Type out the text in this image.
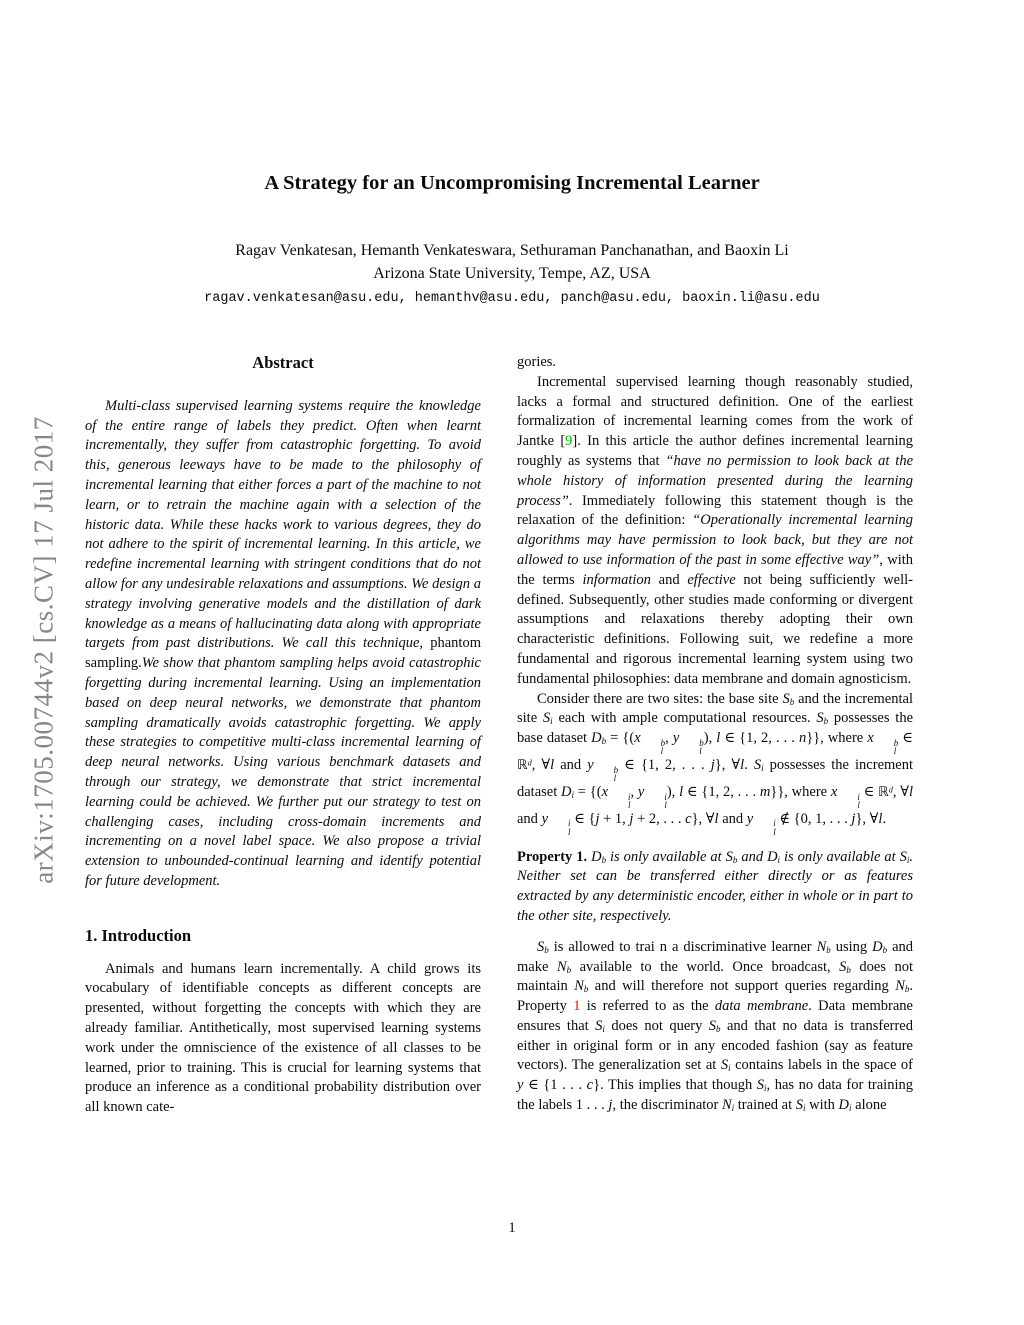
arXiv:1705.00744v2 [cs.CV] 17 Jul 2017
A Strategy for an Uncompromising Incremental Learner
Ragav Venkatesan, Hemanth Venkateswara, Sethuraman Panchanathan, and Baoxin Li
Arizona State University, Tempe, AZ, USA
ragav.venkatesan@asu.edu, hemanthv@asu.edu, panch@asu.edu, baoxin.li@asu.edu
Abstract

Multi-class supervised learning systems require the knowledge of the entire range of labels they predict. Often when learnt incrementally, they suffer from catastrophic forgetting. To avoid this, generous leeways have to be made to the philosophy of incremental learning that either forces a part of the machine to not learn, or to retrain the machine again with a selection of the historic data. While these hacks work to various degrees, they do not adhere to the spirit of incremental learning. In this article, we redefine incremental learning with stringent conditions that do not allow for any undesirable relaxations and assumptions. We design a strategy involving generative models and the distillation of dark knowledge as a means of hallucinating data along with appropriate targets from past distributions. We call this technique, phantom sampling.We show that phantom sampling helps avoid catastrophic forgetting during incremental learning. Using an implementation based on deep neural networks, we demonstrate that phantom sampling dramatically avoids catastrophic forgetting. We apply these strategies to competitive multi-class incremental learning of deep neural networks. Using various benchmark datasets and through our strategy, we demonstrate that strict incremental learning could be achieved. We further put our strategy to test on challenging cases, including cross-domain increments and incrementing on a novel label space. We also propose a trivial extension to unbounded-continual learning and identify potential for future development.

1. Introduction

Animals and humans learn incrementally. A child grows its vocabulary of identifiable concepts as different concepts are presented, without forgetting the concepts with which they are already familiar. Antithetically, most supervised learning systems work under the omniscience of the existence of all classes to be learned, prior to training. This is crucial for learning systems that produce an inference as a conditional probability distribution over all known cate-

gories.

Incremental supervised learning though reasonably studied, lacks a formal and structured definition. One of the earliest formalization of incremental learning comes from the work of Jantke [9]. In this article the author defines incremental learning roughly as systems that “have no permission to look back at the whole history of information presented during the learning process”. Immediately following this statement though is the relaxation of the definition: “Operationally incremental learning algorithms may have permission to look back, but they are not allowed to use information of the past in some effective way”, with the terms information and effective not being sufficiently well-defined. Subsequently, other studies made conforming or divergent assumptions and relaxations thereby adopting their own characteristic definitions. Following suit, we redefine a more fundamental and rigorous incremental learning system using two fundamental philosophies: data membrane and domain agnosticism.

Consider there are two sites: the base site $S_b$ and the incremental site $S_i$ each with ample computational resources. $S_b$ possesses the base dataset $D_b = \{(x$	b
l
, y	b
l
), l ∈ {1, 2, . . . n}}, where x	b
l
∈ ℝ$^d$, ∀l and y	b
l
∈ {1, 2, . . . j}, ∀l. $S_i$ possesses the increment dataset $D_i = \{(x$	i
l
, y	i
l
), l ∈ {1, 2, . . . m}}, where x	i
l
∈ ℝ$^d$, ∀l and y	i
l
∈ {j + 1, j + 2, . . . c}, ∀l and y	i
l
∉ {0, 1, . . . j}, ∀l.

Property 1. $D_b$ is only available at $S_b$ and $D_i$ is only available at $S_i$. Neither set can be transferred either directly or as features extracted by any deterministic encoder, either in whole or in part to the other site, respectively.

$S_b$ is allowed to trai n a discriminative learner $N_b$ using $D_b$ and make $N_b$ available to the world. Once broadcast, $S_b$ does not maintain $N_b$ and will therefore not support queries regarding $N_b$. Property 1 is referred to as the data membrane. Data membrane ensures that $S_i$ does not query $S_b$ and that no data is transferred either in original form or in any encoded fashion (say as feature vectors). The generalization set at $S_i$ contains labels in the space of y ∈ {1 . . . c}. This implies that though $S_i$, has no data for training the labels 1 . . . j, the discriminator $N_i$ trained at $S_i$ with $D_i$ alone

1
